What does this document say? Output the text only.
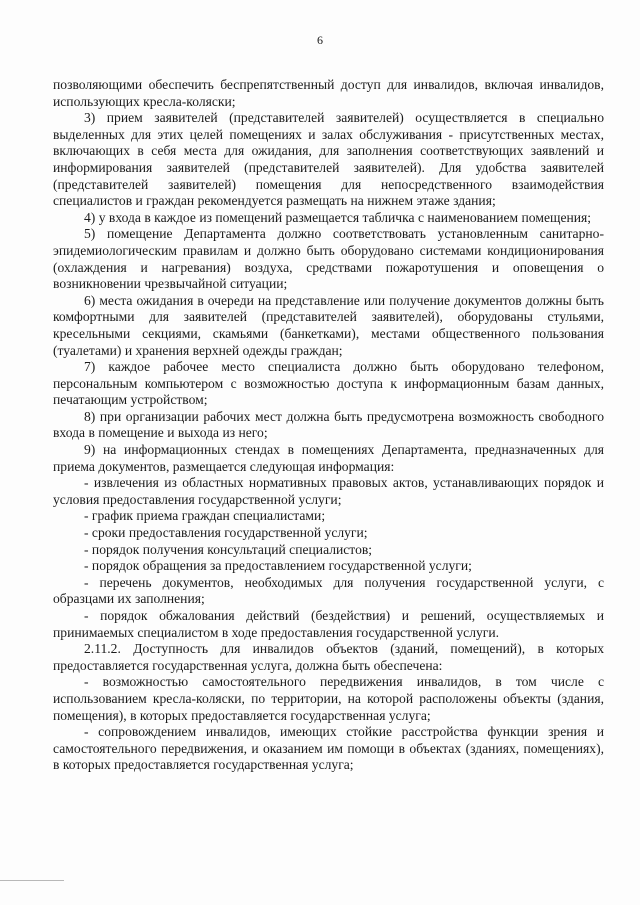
6

позволяющими обеспечить беспрепятственный доступ для инвалидов, включая инвалидов, использующих кресла-коляски;

3) прием заявителей (представителей заявителей) осуществляется в специально выделенных для этих целей помещениях и залах обслуживания - присутственных местах, включающих в себя места для ожидания, для заполнения соответствующих заявлений и информирования заявителей (представителей заявителей). Для удобства заявителей (представителей заявителей) помещения для непосредственного взаимодействия специалистов и граждан рекомендуется размещать на нижнем этаже здания;

4) у входа в каждое из помещений размещается табличка с наименованием помещения;

5) помещение Департамента должно соответствовать установленным санитарно-эпидемиологическим правилам и должно быть оборудовано системами кондиционирования (охлаждения и нагревания) воздуха, средствами пожаротушения и оповещения о возникновении чрезвычайной ситуации;

6) места ожидания в очереди на представление или получение документов должны быть комфортными для заявителей (представителей заявителей), оборудованы стульями, кресельными секциями, скамьями (банкетками), местами общественного пользования (туалетами) и хранения верхней одежды граждан;

7) каждое рабочее место специалиста должно быть оборудовано телефоном, персональным компьютером с возможностью доступа к информационным базам данных, печатающим устройством;

8) при организации рабочих мест должна быть предусмотрена возможность свободного входа в помещение и выхода из него;

9) на информационных стендах в помещениях Департамента, предназначенных для приема документов, размещается следующая информация:

- извлечения из областных нормативных правовых актов, устанавливающих порядок и условия предоставления государственной услуги;

- график приема граждан специалистами;

- сроки предоставления государственной услуги;

- порядок получения консультаций специалистов;

- порядок обращения за предоставлением государственной услуги;

- перечень документов, необходимых для получения государственной услуги, с образцами их заполнения;

- порядок обжалования действий (бездействия) и решений, осуществляемых и принимаемых специалистом в ходе предоставления государственной услуги.

2.11.2. Доступность для инвалидов объектов (зданий, помещений), в которых предоставляется государственная услуга, должна быть обеспечена:

- возможностью самостоятельного передвижения инвалидов, в том числе с использованием кресла-коляски, по территории, на которой расположены объекты (здания, помещения), в которых предоставляется государственная услуга;

- сопровождением инвалидов, имеющих стойкие расстройства функции зрения и самостоятельного передвижения, и оказанием им помощи в объектах (зданиях, помещениях), в которых предоставляется государственная услуга;
